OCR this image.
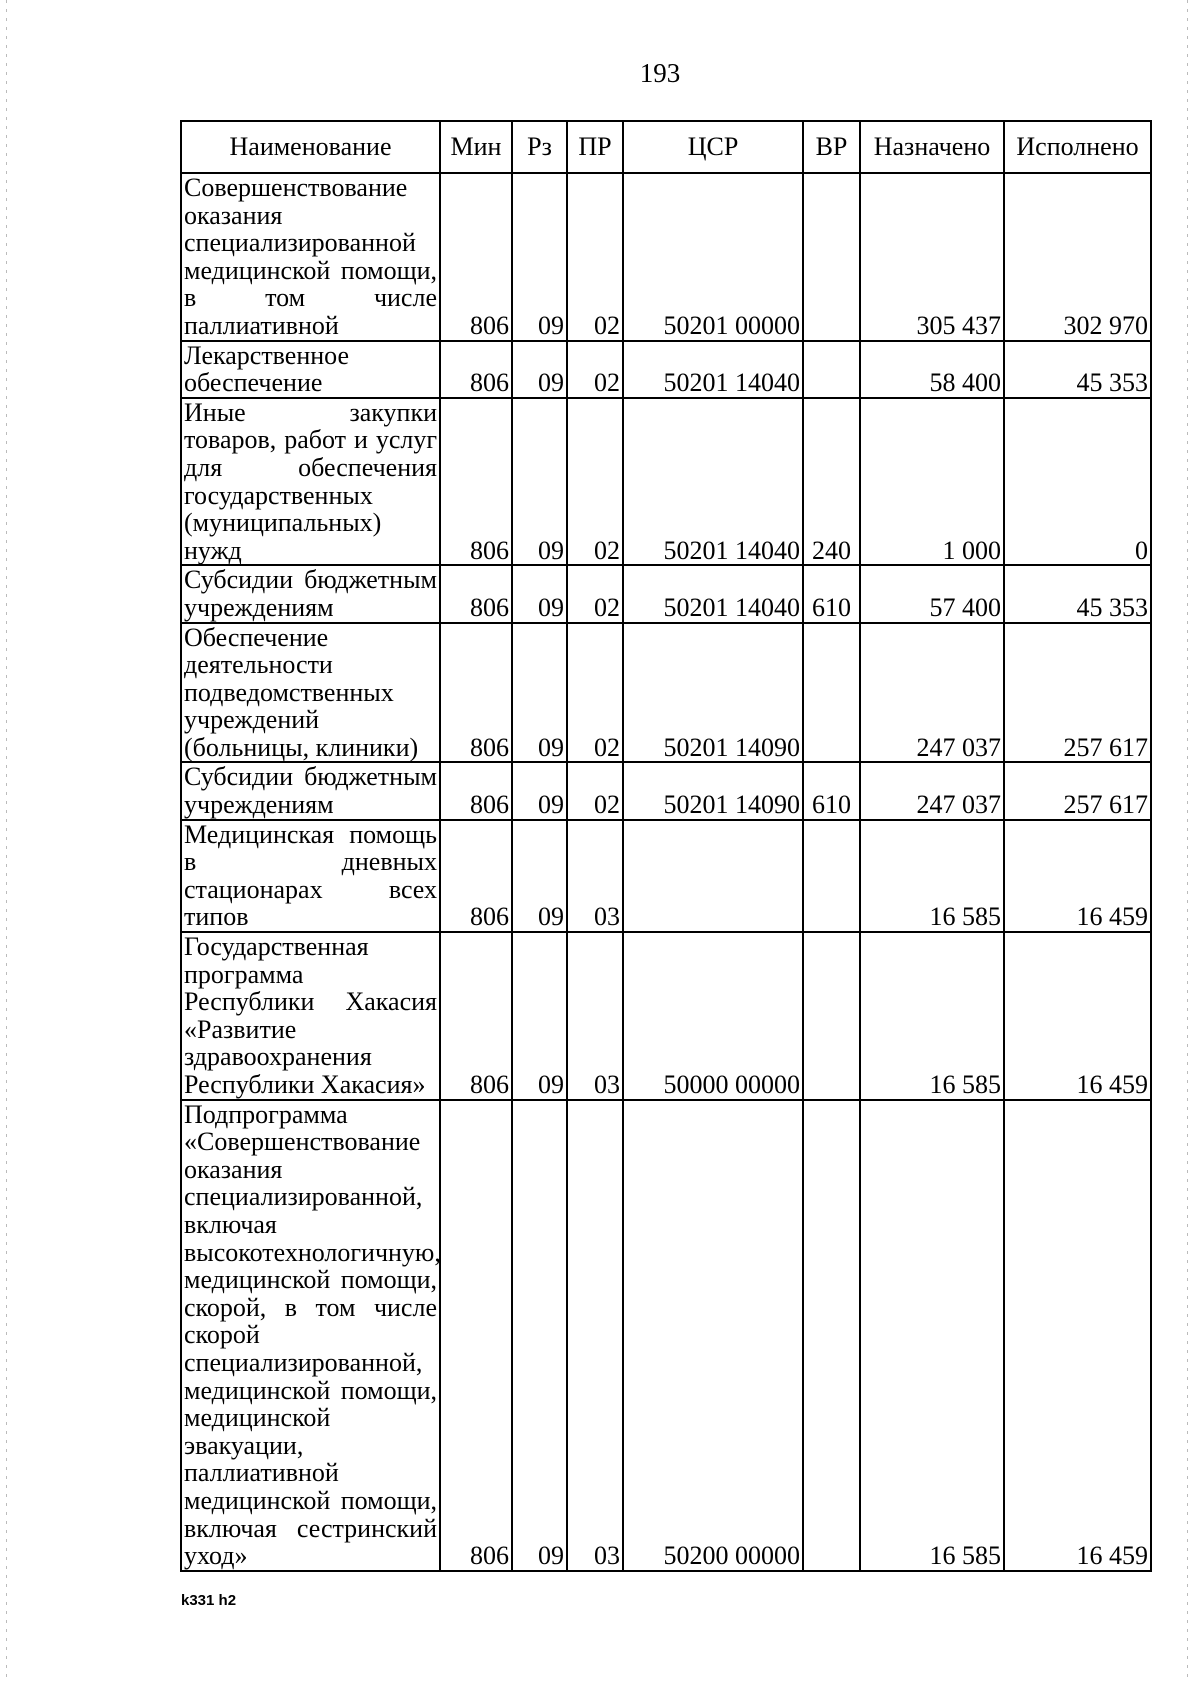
193
Наименование	Мин	Рз	ПР	ЦСР	ВР	Назначено	Исполнено
Совершенствование оказания специализированной медицинской помощи, в том числе паллиативной	806	09	02	50201 00000		305 437	302 970
Лекарственное обеспечение	806	09	02	50201 14040		58 400	45 353
Иные закупки товаров, работ и услуг для обеспечения государственных (муниципальных) нужд	806	09	02	50201 14040	240	1 000	0
Субсидии бюджетным учреждениям	806	09	02	50201 14040	610	57 400	45 353
Обеспечение деятельности подведомственных учреждений (больницы, клиники)	806	09	02	50201 14090		247 037	257 617
Субсидии бюджетным учреждениям	806	09	02	50201 14090	610	247 037	257 617
Медицинская помощь в дневных стационарах всех типов	806	09	03			16 585	16 459
Государственная программа Республики Хакасия «Развитие здравоохранения Республики Хакасия»	806	09	03	50000 00000		16 585	16 459
Подпрограмма «Совершенствование оказания специализированной, включая высокотехнологичную, медицинской помощи, скорой, в том числе скорой специализированной, медицинской помощи, медицинской эвакуации, паллиативной медицинской помощи, включая сестринский уход»	806	09	03	50200 00000		16 585	16 459
k331 h2
